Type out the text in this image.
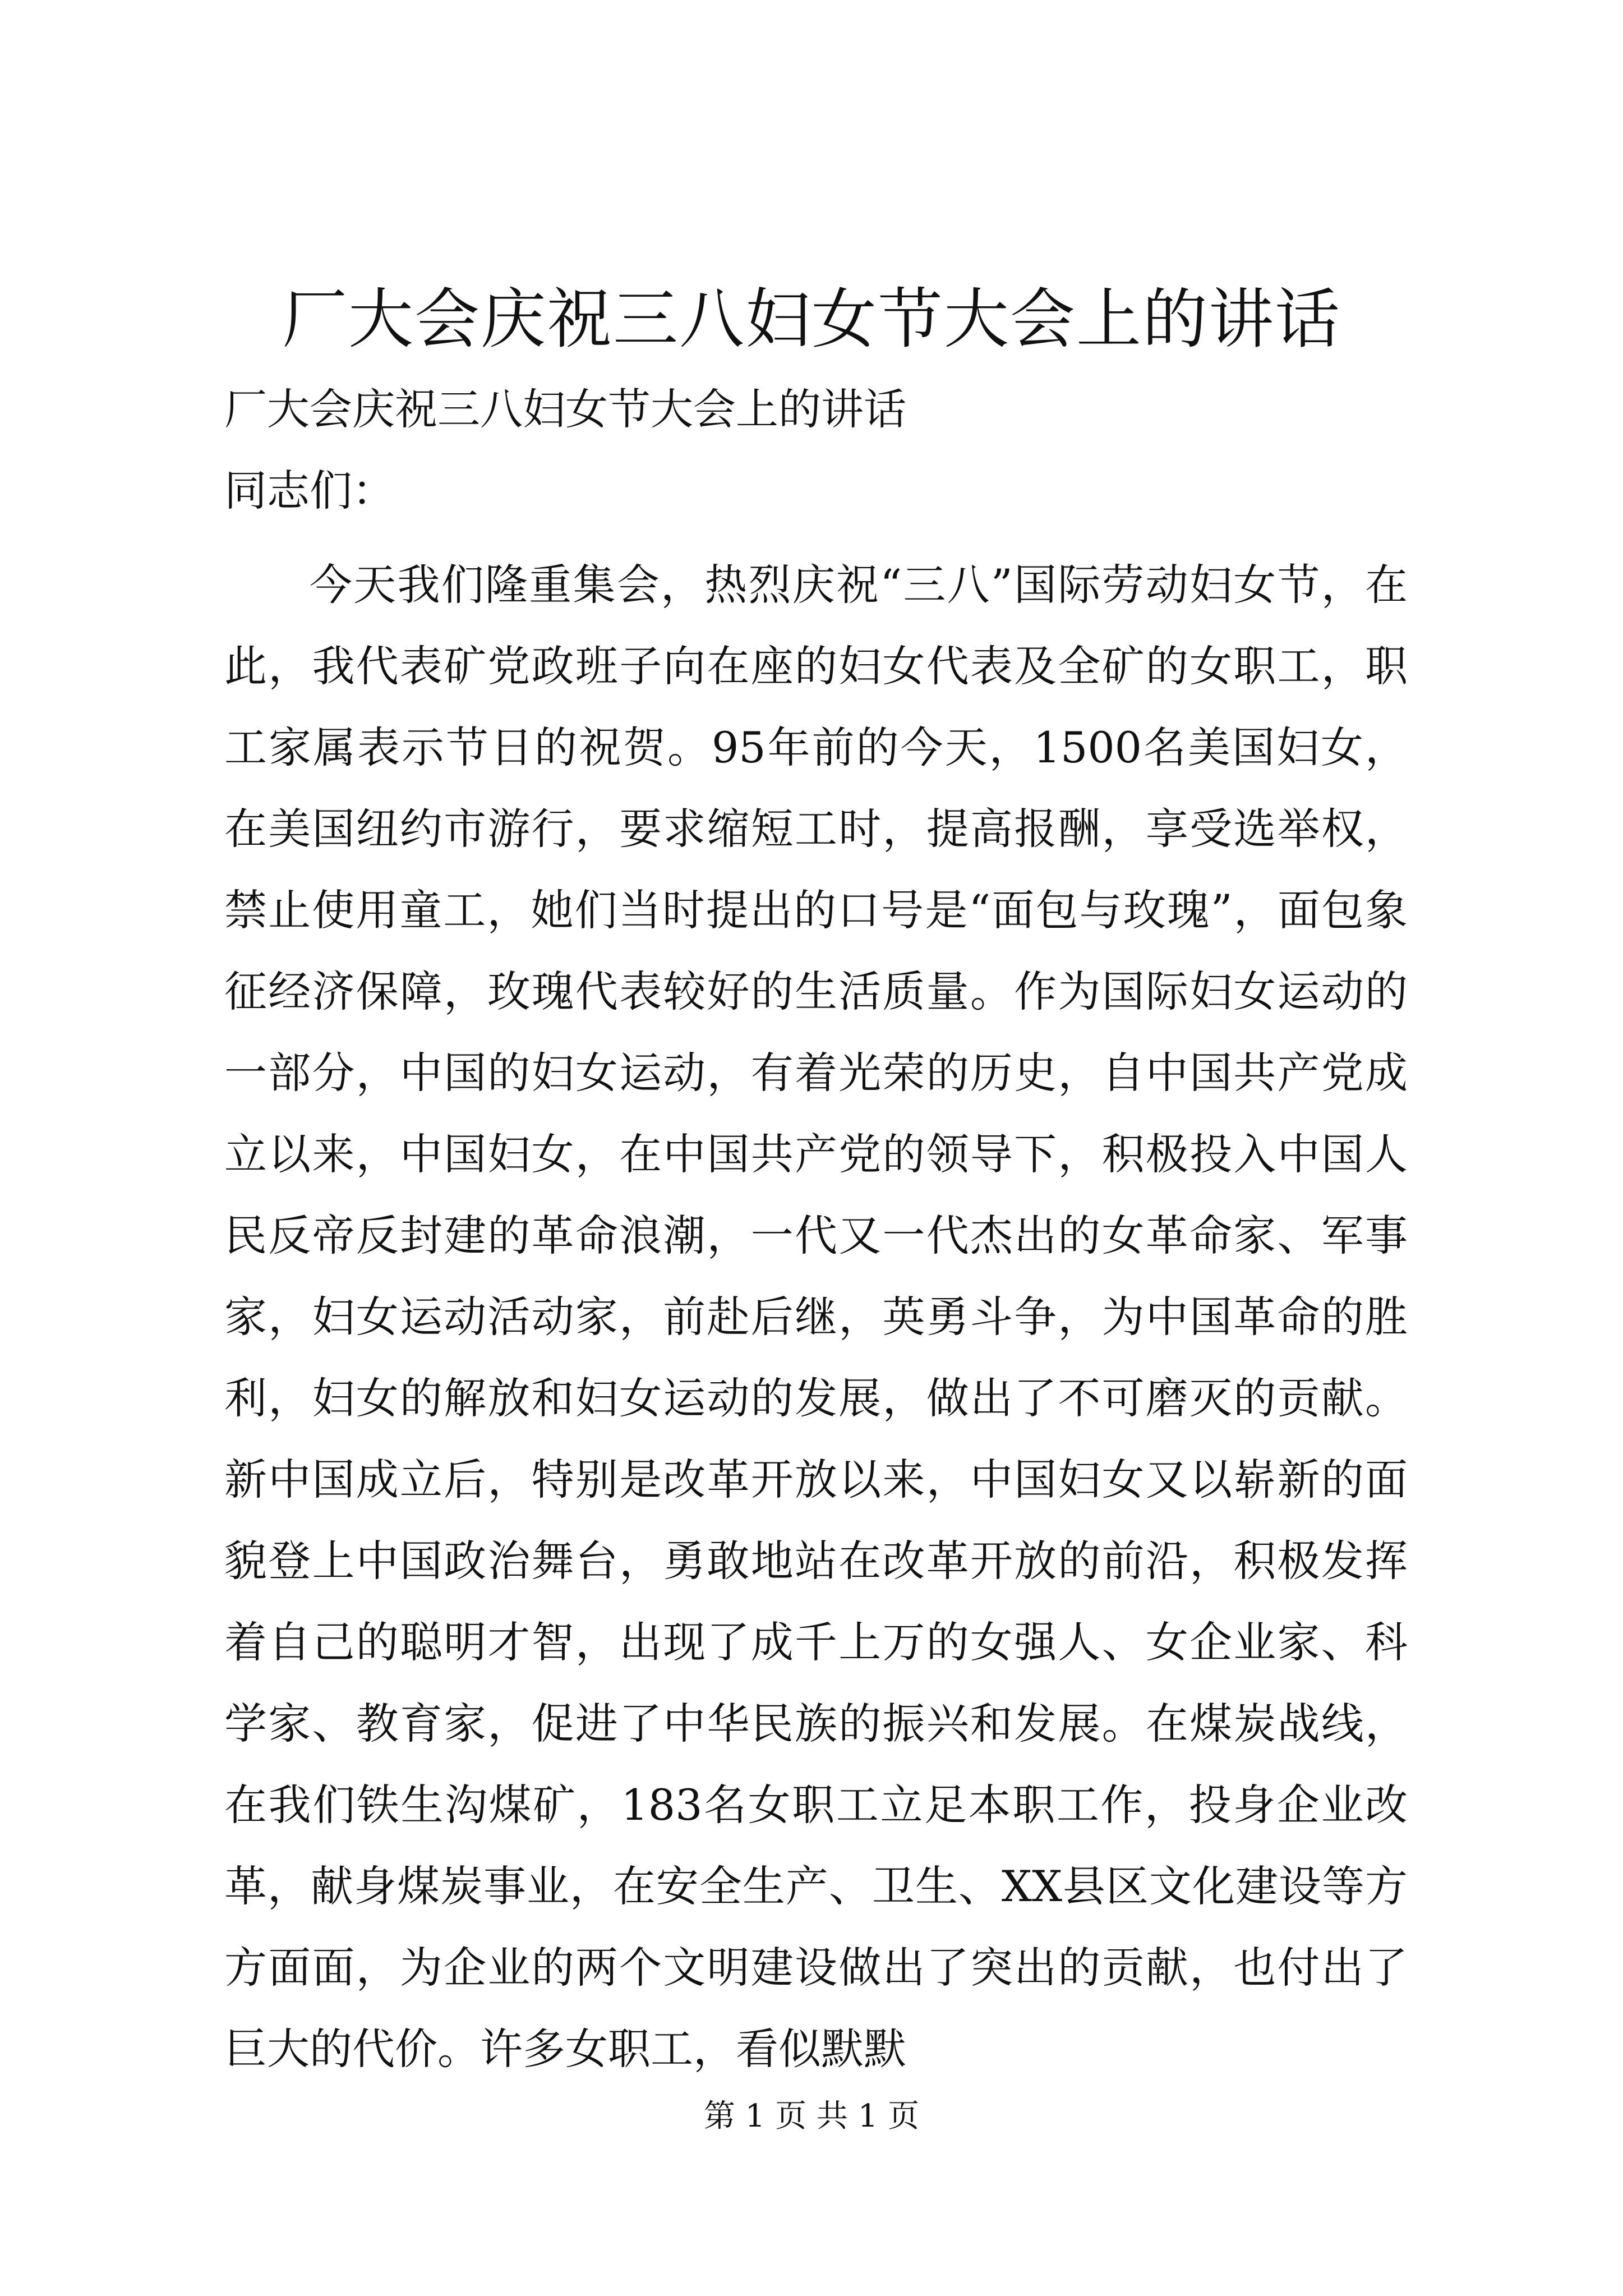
厂大会庆祝三八妇女节大会上的讲话

厂大会庆祝三八妇女节大会上的讲话

同志们：

今天我们隆重集会，热烈庆祝“三八”国际劳动妇女节，在此，我代表矿党政班子向在座的妇女代表及全矿的女职工，职工家属表示节日的祝贺。95年前的今天，1500名美国妇女，在美国纽约市游行，要求缩短工时，提高报酬，享受选举权，禁止使用童工，她们当时提出的口号是“面包与玫瑰”，面包象征经济保障，玫瑰代表较好的生活质量。作为国际妇女运动的一部分，中国的妇女运动，有着光荣的历史，自中国共产党成立以来，中国妇女，在中国共产党的领导下，积极投入中国人民反帝反封建的革命浪潮，一代又一代杰出的女革命家、军事家，妇女运动活动家，前赴后继，英勇斗争，为中国革命的胜利，妇女的解放和妇女运动的发展，做出了不可磨灭的贡献。新中国成立后，特别是改革开放以来，中国妇女又以崭新的面貌登上中国政治舞台，勇敢地站在改革开放的前沿，积极发挥着自己的聪明才智，出现了成千上万的女强人、女企业家、科学家、教育家，促进了中华民族的振兴和发展。在煤炭战线，在我们铁生沟煤矿，183名女职工立足本职工作，投身企业改革，献身煤炭事业，在安全生产、卫生、XX县区文化建设等方方面面，为企业的两个文明建设做出了突出的贡献，也付出了巨大的代价。许多女职工，看似默默

第 1 页 共 1 页
